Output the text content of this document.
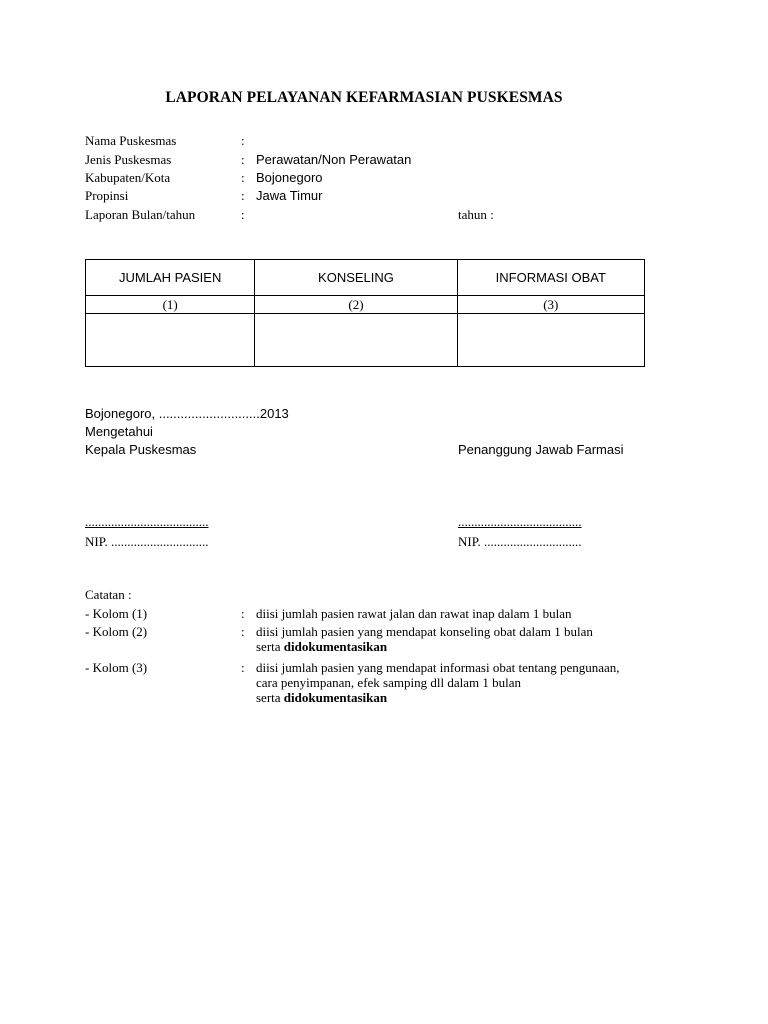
LAPORAN PELAYANAN KEFARMASIAN PUSKESMAS
Nama Puskesmas	:
Jenis Puskesmas	: Perawatan/Non Perawatan
Kabupaten/Kota	: Bojonegoro
Propinsi	: Jawa Timur
Laporan Bulan/tahun	:	tahun :
JUMLAH PASIEN	KONSELING	INFORMASI OBAT
(1)	(2)	(3)

Bojonegoro, ............................2013
Mengetahui
Kepala Puskesmas	Penanggung Jawab Farmasi
......................................	......................................
NIP. ..............................	NIP. ..............................
Catatan :
- Kolom (1)	: diisi jumlah pasien rawat jalan dan rawat inap dalam 1 bulan
- Kolom (2)	: diisi jumlah pasien yang mendapat konseling obat dalam 1 bulan
serta didokumentasikan
- Kolom (3)	: diisi jumlah pasien yang mendapat informasi obat tentang pengunaan, cara penyimpanan, efek samping dll dalam 1 bulan
serta didokumentasikan
